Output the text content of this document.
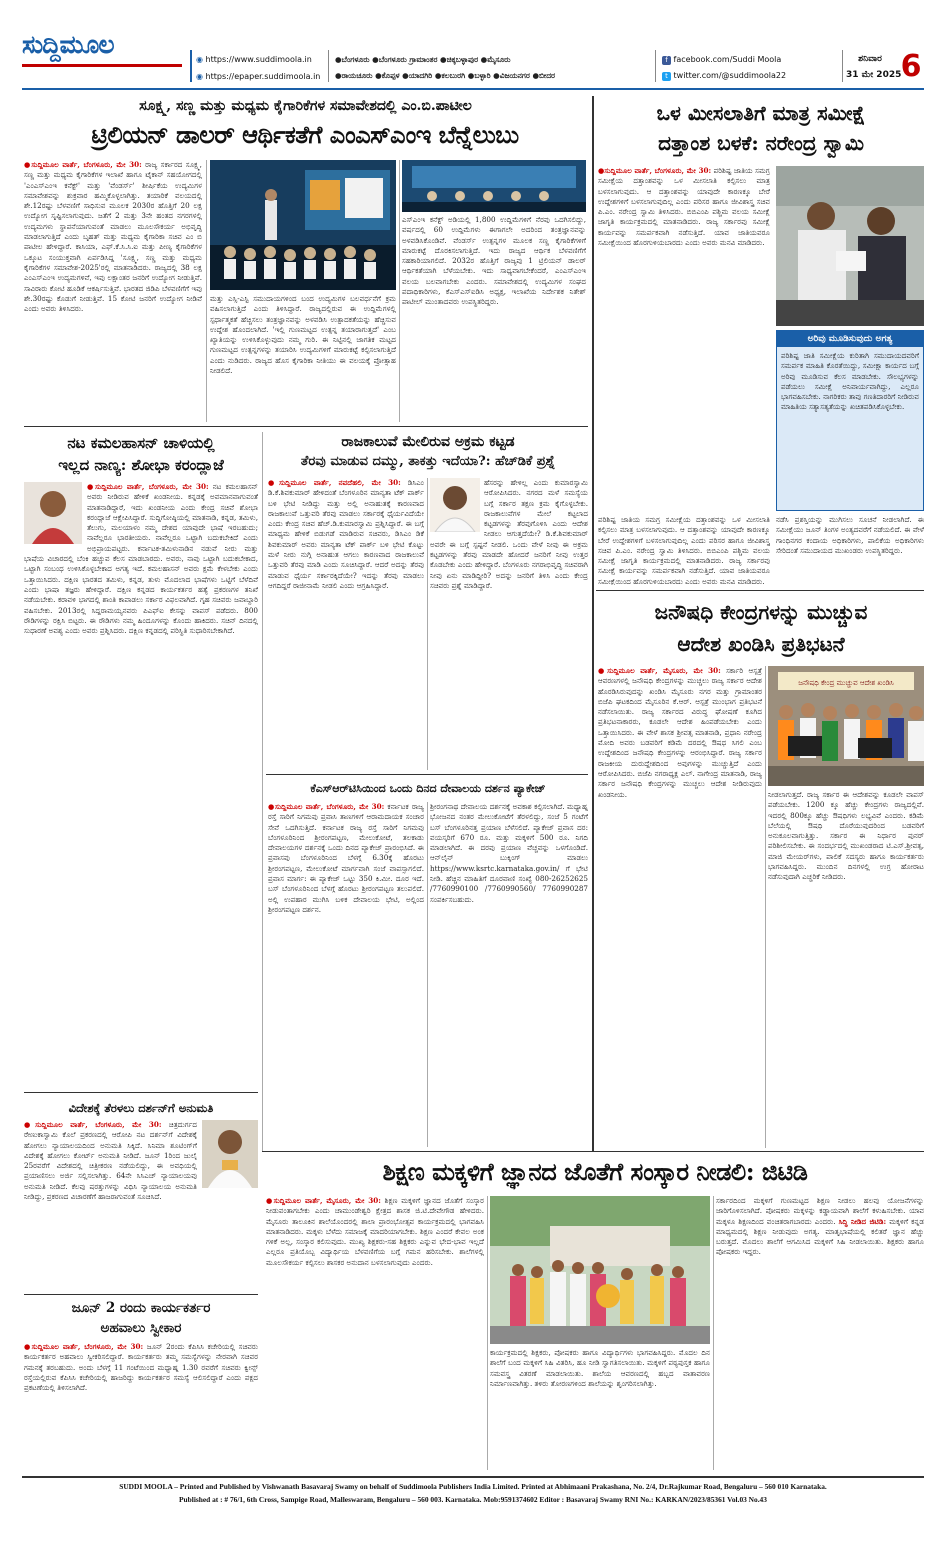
ಸುದ್ದಿಮೂಲ
◉ https://www.suddimoola.in
◉ https://epaper.suddimoola.in
●ಬೆಂಗಳೂರು ●ಬೆಂಗಳೂರು ಗ್ರಾಮಾಂತರ ●ಚಿಕ್ಕಬಳ್ಳಾಪುರ ●ಮೈಸೂರು
●ರಾಯಚೂರು ●ಕೊಪ್ಪಳ ●ಯಾದಗಿರಿ ●ಕಲಬುರಗಿ ●ಬಳ್ಳಾರಿ ●ವಿಜಯನಗರ ●ಬೀದರ
f facebook.com/Suddi Moola
t twitter.com/@suddimoola22
ಶನಿವಾರ
31 ಮೇ 2025 6
ಸೂಕ್ಷ್ಮ, ಸಣ್ಣ ಮತ್ತು ಮಧ್ಯಮ ಕೈಗಾರಿಕೆಗಳ ಸಮಾವೇಶದಲ್ಲಿ ಎಂ.ಬಿ.ಪಾಟೀಲ
ಟ್ರಿಲಿಯನ್ ಡಾಲರ್ ಆರ್ಥಿಕತೆಗೆ ಎಂಎಸ್‌ಎಂಇ ಬೆನ್ನೆಲುಬು
●ಸುದ್ದಿಮೂಲ ವಾರ್ತೆ, ಬೆಂಗಳೂರು, ಮೇ 30: ರಾಜ್ಯ ಸರ್ಕಾರದ ಸೂಕ್ಷ್ಮ, ಸಣ್ಣ ಮತ್ತು ಮಧ್ಯಮ ಕೈಗಾರಿಕೆಗಳ ಇಲಾಖೆ ಹಾಗೂ ಟೈಕಾನ್ ಸಹಯೋಗದಲ್ಲಿ 'ಎಂಎಸ್‌ಎಂಇ ಕನೆಕ್ಟ್' ಮತ್ತು 'ವೆಂಡರ್ಸ್' ಶೀರ್ಷಿಕೆಯ ಉದ್ಯಮಿಗಳ ಸಮಾವೇಶವನ್ನು ಶುಕ್ರವಾರ ಹಮ್ಮಿಕೊಳ್ಳಲಾಗಿತ್ತು. ತಯಾರಿಕೆ ವಲಯದಲ್ಲಿ ಶೇ.12ರಷ್ಟು ಬೆಳವಣಿಗೆ ಸಾಧಿಸುವ ಮೂಲಕ 2030ರ ಹೊತ್ತಿಗೆ 20 ಲಕ್ಷ ಉದ್ಯೋಗ ಸೃಷ್ಟಿಸಲಾಗುವುದು. ಜತೆಗೆ 2 ಮತ್ತು 3ನೇ ಹಂತದ ನಗರಗಳಲ್ಲಿ ಉದ್ಯಮಗಳು ಸ್ಥಾಪನೆಯಾಗುವಂತೆ ಮಾಡಲು ಮೂಲಸೌಕರ್ಯ ಅಭಿವೃದ್ಧಿ ಮಾಡಲಾಗುತ್ತಿದೆ ಎಂದು ಬೃಹತ್ ಮತ್ತು ಮಧ್ಯಮ ಕೈಗಾರಿಕಾ ಸಚಿವ ಎಂ ಬಿ ಪಾಟೀಲ ಹೇಳಿದ್ದಾರೆ. ಕಾಸಿಯಾ, ಎಫ್.ಕೆ.ಸಿ.ಸಿ.ಐ ಮತ್ತು ಪೀಣ್ಯ ಕೈಗಾರಿಕೆಗಳ ಒಕ್ಕೂಟ ಸಂಯುಕ್ತವಾಗಿ ಏರ್ಪಡಿಸಿದ್ದ 'ಸೂಕ್ಷ್ಮ, ಸಣ್ಣ ಮತ್ತು ಮಧ್ಯಮ ಕೈಗಾರಿಕೆಗಳ ಸಮಾವೇಶ-2025'ರಲ್ಲಿ ಮಾತನಾಡಿದರು. ರಾಜ್ಯದಲ್ಲಿ 38 ಲಕ್ಷ ಎಂಎಸ್‌ಎಂಇ ಉದ್ಯಮಗಳಿವೆ, ಇವು ಲಕ್ಷಾಂತರ ಜನರಿಗೆ ಉದ್ಯೋಗ ನೀಡುತ್ತಿವೆ. ಸಾವಿರಾರು ಕೋಟಿ ಹೂಡಿಕೆ ಆಕರ್ಷಿಸುತ್ತಿವೆ. ಭಾರತದ ಜಿಡಿಪಿ ಬೆಳವಣಿಗೆಗೆ ಇವು ಶೇ.30ರಷ್ಟು ಕೊಡುಗೆ ನೀಡುತ್ತಿವೆ. 15 ಕೋಟಿ ಜನರಿಗೆ ಉದ್ಯೋಗ ನೀಡಿವೆ ಎಂದು ಅವರು ತಿಳಿಸಿದರು.
ಮತ್ತು ಎಸ್ಸಿ-ಎಸ್ಟಿ ಸಮುದಾಯಗಳಿಂದ ಬಂದ ಉದ್ಯಮಿಗಳ ಬಲವರ್ಧನೆಗೆ ಕ್ರಮ ವಹಿಸಲಾಗುತ್ತಿದೆ ಎಂದು ತಿಳಿಸಿದ್ದಾರೆ. ರಾಜ್ಯದಲ್ಲಿರುವ ಈ ಉದ್ದಿಮೆಗಳಲ್ಲಿ ಸ್ಪರ್ಧಾತ್ಮಕತೆ ಹೆಚ್ಚಿಸಲು ತಂತ್ರಜ್ಞಾನವನ್ನು ಅಳವಡಿಸಿ ಉತ್ಪಾದಕತೆಯನ್ನು ಹೆಚ್ಚಿಸುವ ಉದ್ದೇಶ ಹೊಂದಲಾಗಿದೆ. 'ಇಲ್ಲಿ ಗುಣಮಟ್ಟದ ಉತ್ಪನ್ನ ತಯಾರಾಗುತ್ತದೆ' ಎಂಬ ಖ್ಯಾತಿಯನ್ನು ಉಳಿಸಿಕೊಳ್ಳುವುದು ನಮ್ಮ ಗುರಿ. ಈ ನಿಟ್ಟಿನಲ್ಲಿ ಜಾಗತಿಕ ಮಟ್ಟದ ಗುಣಮಟ್ಟದ ಉತ್ಪನ್ನಗಳನ್ನು ತಯಾರಿಸಿ ಉದ್ಯಮಿಗಳಿಗೆ ಮಾರುಕಟ್ಟೆ ಕಲ್ಪಿಸಲಾಗುತ್ತಿದೆ ಎಂದು ನುಡಿದರು. ರಾಜ್ಯದ ಹೊಸ ಕೈಗಾರಿಕಾ ನೀತಿಯು ಈ ವಲಯಕ್ಕೆ ಪ್ರೋತ್ಸಾಹ ನೀಡಲಿದೆ.
ಎಸ್‌ಎಂಇ ಕನೆಕ್ಟ್ ಅಡಿಯಲ್ಲಿ 1,800 ಉದ್ದಿಮೆಗಳಿಗೆ ನೆರವು ಒದಗಿಸಲಿದ್ದು, ವರ್ಷದಲ್ಲಿ 60 ಉದ್ದಿಮೆಗಳು ಈಗಾಗಲೇ ಅದರಿಂದ ತಂತ್ರಜ್ಞಾನವನ್ನು ಅಳವಡಿಸಿಕೊಂಡಿವೆ. ವೆಂಡರ್ಸ್ ಉತ್ಪನ್ನಗಳ ಮೂಲಕ ಸಣ್ಣ ಕೈಗಾರಿಕೆಗಳಿಗೆ ಮಾರುಕಟ್ಟೆ ದೊರಕಿಸಲಾಗುತ್ತಿದೆ. ಇದು ರಾಜ್ಯದ ಆರ್ಥಿಕ ಬೆಳವಣಿಗೆಗೆ ಸಹಕಾರಿಯಾಗಲಿದೆ. 2032ರ ಹೊತ್ತಿಗೆ ರಾಜ್ಯವು 1 ಟ್ರಿಲಿಯನ್ ಡಾಲರ್ ಆರ್ಥಿಕತೆಯಾಗಿ ಬೆಳೆಯಬೇಕು. ಇದು ಸಾಧ್ಯವಾಗಬೇಕೆಂದರೆ, ಎಂಎಸ್‌ಎಂಇ ವಲಯ ಬಲವಾಗಬೇಕು ಎಂದರು. ಸಮಾವೇಶದಲ್ಲಿ ಉದ್ಯಮಿಗಳ ಸಂಘದ ಪದಾಧಿಕಾರಿಗಳು, ಕೆಎಸ್ಎಸ್‌ಐಡಿಸಿ ಅಧ್ಯಕ್ಷ, ಇಲಾಖೆಯ ನಿರ್ದೇಶಕ ನಿತೇಶ್ ಪಾಟೀಲ್ ಮುಂತಾದವರು ಉಪಸ್ಥಿತರಿದ್ದರು.
ಒಳ ಮೀಸಲಾತಿಗೆ ಮಾತ್ರ ಸಮೀಕ್ಷೆ
ದತ್ತಾಂಶ ಬಳಕೆ: ನರೇಂದ್ರ ಸ್ವಾಮಿ
●ಸುದ್ದಿಮೂಲ ವಾರ್ತೆ, ಬೆಂಗಳೂರು, ಮೇ 30: ಪರಿಶಿಷ್ಟ ಜಾತಿಯ ಸಮಗ್ರ ಸಮೀಕ್ಷೆಯ ದತ್ತಾಂಶವನ್ನು ಒಳ ಮೀಸಲಾತಿ ಕಲ್ಪಿಸಲು ಮಾತ್ರ ಬಳಸಲಾಗುವುದು. ಆ ದತ್ತಾಂಶವನ್ನು ಯಾವುದೇ ಕಾರಣಕ್ಕೂ ಬೇರೆ ಉದ್ದೇಶಗಳಿಗೆ ಬಳಸಲಾಗುವುದಿಲ್ಲ ಎಂದು ಪರಿಸರ ಹಾಗೂ ಜೀವಿಶಾಸ್ತ್ರ ಸಚಿವ ಪಿ.ಎಂ. ನರೇಂದ್ರ ಸ್ವಾಮಿ ತಿಳಿಸಿದರು. ಬಿಬಿಎಂಪಿ ಪಶ್ಚಿಮ ವಲಯ ಸಮೀಕ್ಷೆ ಜಾಗೃತಿ ಕಾರ್ಯಕ್ರಮದಲ್ಲಿ ಮಾತನಾಡಿದರು. ರಾಜ್ಯ ಸರ್ಕಾರವು ಸಮೀಕ್ಷೆ ಕಾರ್ಯವನ್ನು ಸಮರ್ಪಕವಾಗಿ ನಡೆಸುತ್ತಿದೆ. ಯಾವ ಜಾತಿಯವರೂ ಸಮೀಕ್ಷೆಯಿಂದ ಹೊರಗುಳಿಯಬಾರದು ಎಂದು ಅವರು ಮನವಿ ಮಾಡಿದರು.
ಅರಿವು ಮೂಡಿಸುವುದು ಅಗತ್ಯ
ಪರಿಶಿಷ್ಟ ಜಾತಿ ಸಮೀಕ್ಷೆಯ ಕುರಿತಾಗಿ ಸಮುದಾಯದವರಿಗೆ ಸಮರ್ಪಕ ಮಾಹಿತಿ ಕೊರತೆಯಿದ್ದು, ಸಮೀಕ್ಷಾ ಕಾರ್ಯದ ಬಗ್ಗೆ ಅರಿವು ಮೂಡಿಸುವ ಕೆಲಸ ಮಾಡಬೇಕು. ಸೌಲಭ್ಯಗಳನ್ನು ಪಡೆಯಲು ಸಮೀಕ್ಷೆ ಅನಿವಾರ್ಯವಾಗಿದ್ದು, ಎಲ್ಲರೂ ಭಾಗವಹಿಸಬೇಕು. ನಾಗರಿಕರು ತಾವು ಗಣತಿದಾರರಿಗೆ ನೀಡಿರುವ ಮಾಹಿತಿಯ ಸತ್ಯಾಸತ್ಯತೆಯನ್ನು ಖಚಿತಪಡಿಸಿಕೊಳ್ಳಬೇಕು.
ನಡೆಸಿ ಪ್ರಶಸ್ತಿಯನ್ನು ಮುಗಿಸಲು ಸೂಚನೆ ನೀಡಲಾಗಿದೆ. ಈ ಸಮೀಕ್ಷೆಯು ಜೂನ್ ತಿಂಗಳ ಅಂತ್ಯದವರೆಗೆ ನಡೆಯಲಿದೆ. ಈ ವೇಳೆ ಗಾಂಧಿನಗರ ಕಂದಾಯ ಅಧಿಕಾರಿಗಳು, ಪಾಲಿಕೆಯ ಅಧಿಕಾರಿಗಳು ಸೇರಿದಂತೆ ಸಮುದಾಯದ ಮುಖಂಡರು ಉಪಸ್ಥಿತರಿದ್ದರು.
ಪರಿಶಿಷ್ಟ ಜಾತಿಯ ಸಮಗ್ರ ಸಮೀಕ್ಷೆಯ ದತ್ತಾಂಶವನ್ನು ಒಳ ಮೀಸಲಾತಿ ಕಲ್ಪಿಸಲು ಮಾತ್ರ ಬಳಸಲಾಗುವುದು. ಆ ದತ್ತಾಂಶವನ್ನು ಯಾವುದೇ ಕಾರಣಕ್ಕೂ ಬೇರೆ ಉದ್ದೇಶಗಳಿಗೆ ಬಳಸಲಾಗುವುದಿಲ್ಲ ಎಂದು ಪರಿಸರ ಹಾಗೂ ಜೀವಿಶಾಸ್ತ್ರ ಸಚಿವ ಪಿ.ಎಂ. ನರೇಂದ್ರ ಸ್ವಾಮಿ ತಿಳಿಸಿದರು. ಬಿಬಿಎಂಪಿ ಪಶ್ಚಿಮ ವಲಯ ಸಮೀಕ್ಷೆ ಜಾಗೃತಿ ಕಾರ್ಯಕ್ರಮದಲ್ಲಿ ಮಾತನಾಡಿದರು. ರಾಜ್ಯ ಸರ್ಕಾರವು ಸಮೀಕ್ಷೆ ಕಾರ್ಯವನ್ನು ಸಮರ್ಪಕವಾಗಿ ನಡೆಸುತ್ತಿದೆ. ಯಾವ ಜಾತಿಯವರೂ ಸಮೀಕ್ಷೆಯಿಂದ ಹೊರಗುಳಿಯಬಾರದು ಎಂದು ಅವರು ಮನವಿ ಮಾಡಿದರು.
ನಟ ಕಮಲಹಾಸನ್ ಚಾಳಿಯಲ್ಲಿ
ಇಲ್ಲದ ನಾಣ್ಯ: ಶೋಭಾ ಕರಂದ್ಲಾಜೆ
●ಸುದ್ದಿಮೂಲ ವಾರ್ತೆ, ಬೆಂಗಳೂರು, ಮೇ 30: ನಟ ಕಮಲಹಾಸನ್ ಅವರು ನೀಡಿರುವ ಹೇಳಿಕೆ ಖಂಡನೀಯ. ಕನ್ನಡಕ್ಕೆ ಅವಮಾನವಾಗುವಂತೆ ಮಾತನಾಡಿದ್ದಾರೆ, ಇದು ಖಂಡನೀಯ ಎಂದು ಕೇಂದ್ರ ಸಚಿವೆ ಶೋಭಾ ಕರಂದ್ಲಾಜೆ ಆಕ್ಷೇಪಿಸಿದ್ದಾರೆ. ಸುದ್ದಿಗೋಷ್ಠಿಯಲ್ಲಿ ಮಾತನಾಡಿ, ಕನ್ನಡ, ತಮಿಳು, ತೆಲುಗು, ಮಲಯಾಳಂ ನಮ್ಮ ದೇಶದ ಯಾವುದೇ ಭಾಷೆ ಇರಬಹುದು; ನಾವೆಲ್ಲರೂ ಭಾರತೀಯರು. ನಾವೆಲ್ಲರೂ ಒಟ್ಟಾಗಿ ಬದುಕಬೇಕಿದೆ ಎಂದು ಅಭಿಪ್ರಾಯಪಟ್ಟರು. ಕರ್ನಾಟಕ-ತಮಿಳುನಾಡಿನ ನಡುವೆ ನೀರು ಮತ್ತು ಭಾಷೆಯ ವಿಚಾರದಲ್ಲಿ ಬೆಂಕಿ ಹಚ್ಚುವ ಕೆಲಸ ಮಾಡಬಾರದು. ಅವರು, ನಾವು ಒಟ್ಟಾಗಿ ಬದುಕಬೇಕಾದ, ಒಟ್ಟಾಗಿ ಸಂಬಂಧ ಉಳಿಸಿಕೊಳ್ಳಬೇಕಾದ ಅಗತ್ಯ ಇದೆ. ಕಮಲಹಾಸನ್ ಅವರು ಕ್ಷಮೆ ಕೇಳಬೇಕು ಎಂದು ಒತ್ತಾಯಿಸಿದರು. ದಕ್ಷಿಣ ಭಾರತದ ತಮಿಳು, ಕನ್ನಡ, ತುಳು ಮೊದಲಾದ ಭಾಷೆಗಳು ಒಟ್ಟಿಗೆ ಬೆಳೆದಿವೆ ಎಂದು ಭಾಷಾ ತಜ್ಞರು ಹೇಳಿದ್ದಾರೆ. ದಕ್ಷಿಣ ಕನ್ನಡದ ಕಾರ್ಯಕರ್ತರ ಹತ್ಯೆ ಪ್ರಕರಣಗಳ ತನಿಖೆ ನಡೆಯಬೇಕು. ಕರಾವಳಿ ಭಾಗದಲ್ಲಿ ಶಾಂತಿ ಕಾಪಾಡಲು ಸರ್ಕಾರ ವಿಫಲವಾಗಿದೆ. ಗೃಹ ಸಚಿವರು ಜವಾಬ್ದಾರಿ ವಹಿಸಬೇಕು. 2013ರಲ್ಲಿ ಸಿದ್ದರಾಮಯ್ಯನವರು ಪಿಎಫ್‌ಐ ಕೇಸನ್ನು ವಾಪಸ್ ಪಡೆದರು. 800 ರೌಡಿಗಳನ್ನು ರಕ್ಷಿಸಿ ಬಿಟ್ಟರು. ಈ ರೌಡಿಗಳು ನಮ್ಮ ಹಿಂದೂಗಳನ್ನು ಕೊಂದು ಹಾಕಿದರು. ಸಚಿನ್ ದಿನದಲ್ಲಿ ಸುಧಾರಣೆ ಅವಶ್ಯ ಎಂದು ಅವರು ಪ್ರಶ್ನಿಸಿದರು. ದಕ್ಷಿಣ ಕನ್ನಡದಲ್ಲಿ ಪರಿಸ್ಥಿತಿ ಸುಧಾರಿಸಬೇಕಾಗಿದೆ.
ರಾಜಕಾಲುವೆ ಮೇಲಿರುವ ಅಕ್ರಮ ಕಟ್ಟಡ
ತೆರವು ಮಾಡುವ ದಮ್ಮು, ತಾಕತ್ತು ಇದೆಯಾ?: ಹೆಚ್‌ಡಿಕೆ ಪ್ರಶ್ನೆ
●ಸುದ್ದಿಮೂಲ ವಾರ್ತೆ, ನವದೆಹಲಿ, ಮೇ 30: ಡಿಸಿಎಂ ಡಿ.ಕೆ.ಶಿವಕುಮಾರ್ ಹೇಳಿದಂತೆ ಬೆಂಗಳೂರಿನ ಮಾನ್ಯತಾ ಟೆಕ್ ಪಾರ್ಕ್ ಬಳಿ ಭೇಟಿ ನೀಡಿದ್ದು ಮತ್ತು ಅಲ್ಲಿ ಅನಾಹುತಕ್ಕೆ ಕಾರಣವಾದ ರಾಜಕಾಲುವೆ ಒತ್ತುವರಿ ತೆರವು ಮಾಡಲು ಸರ್ಕಾರಕ್ಕೆ ಧೈರ್ಯವಿದೆಯೇ ಎಂದು ಕೇಂದ್ರ ಸಚಿವ ಹೆಚ್.ಡಿ.ಕುಮಾರಸ್ವಾಮಿ ಪ್ರಶ್ನಿಸಿದ್ದಾರೆ. ಈ ಬಗ್ಗೆ ಮಾಧ್ಯಮ ಹೇಳಿಕೆ ಬಿಡುಗಡೆ ಮಾಡಿರುವ ಸಚಿವರು, ಡಿಸಿಎಂ ಡಿಕೆ ಶಿವಕುಮಾರ್ ಅವರು ಮಾನ್ಯತಾ ಟೆಕ್ ಪಾರ್ಕ್ ಬಳಿ ಭೇಟಿ ಕೊಟ್ಟು ಮಳೆ ನೀರು ನುಗ್ಗಿ ಅನಾಹುತ ಆಗಲು ಕಾರಣವಾದ ರಾಜಕಾಲುವೆ ಒತ್ತುವರಿ ತೆರವು ಮಾಡಿ ಎಂದು ಸೂಚಿಸಿದ್ದಾರೆ. ಆದರೆ ಅದನ್ನು ತೆರವು ಮಾಡುವ ಧೈರ್ಯ ಸರ್ಕಾರಕ್ಕಿದೆಯೇ? ಇದನ್ನು ತೆರವು ಮಾಡಲು ಆಗದಿದ್ದರೆ ರಾಜೀನಾಮೆ ನೀಡಲಿ ಎಂದು ಆಗ್ರಹಿಸಿದ್ದಾರೆ.
ಹೆಸರನ್ನು ಹೇಳಿಲ್ಲ ಎಂದು ಕುಮಾರಸ್ವಾಮಿ ಆರೋಪಿಸಿದರು. ನಗರದ ಮಳೆ ಸಮಸ್ಯೆಯ ಬಗ್ಗೆ ಸರ್ಕಾರ ತಕ್ಷಣ ಕ್ರಮ ಕೈಗೊಳ್ಳಬೇಕು. ರಾಜಕಾಲುವೆಗಳ ಮೇಲೆ ಕಟ್ಟಲಾದ ಕಟ್ಟಡಗಳನ್ನು ತೆರವುಗೊಳಿಸಿ ಎಂದು ಆದೇಶ ನೀಡಲು ಆಗುತ್ತದೆಯೇ? ಡಿ.ಕೆ.ಶಿವಕುಮಾರ್ ಅವರೇ ಈ ಬಗ್ಗೆ ಸ್ಪಷ್ಟನೆ ನೀಡಲಿ. ಒಂದು ವೇಳೆ ನೀವು ಈ ಅಕ್ರಮ ಕಟ್ಟಡಗಳನ್ನು ತೆರವು ಮಾಡದೇ ಹೋದರೆ ಜನರಿಗೆ ನೀವು ಉತ್ತರ ಕೊಡಬೇಕು ಎಂದು ಹೇಳಿದ್ದಾರೆ. ಬೆಂಗಳೂರು ನಗರಾಭಿವೃದ್ಧಿ ಸಚಿವರಾಗಿ ನೀವು ಏನು ಮಾಡಿದ್ದೀರಿ? ಅದನ್ನು ಜನರಿಗೆ ತಿಳಿಸಿ ಎಂದು ಕೇಂದ್ರ ಸಚಿವರು ಪ್ರಶ್ನೆ ಮಾಡಿದ್ದಾರೆ.
ಕೆಎಸ್ಆರ್‌ಟಿಸಿಯಿಂದ ಒಂದು ದಿನದ ದೇವಾಲಯ ದರ್ಶನ ಪ್ಯಾಕೇಜ್
●ಸುದ್ದಿಮೂಲ ವಾರ್ತೆ, ಬೆಂಗಳೂರು, ಮೇ 30: ಕರ್ನಾಟಕ ರಾಜ್ಯ ರಸ್ತೆ ಸಾರಿಗೆ ನಿಗಮವು ಪ್ರವಾಸಿ ತಾಣಗಳಿಗೆ ಆರಾಮದಾಯಕ ಸಂಚಾರ ಸೇವೆ ಒದಗಿಸುತ್ತಿದೆ. ಕರ್ನಾಟಕ ರಾಜ್ಯ ರಸ್ತೆ ಸಾರಿಗೆ ನಿಗಮವು ಬೆಂಗಳೂರಿನಿಂದ ಶ್ರೀರಂಗಪಟ್ಟಣ, ಮೇಲುಕೋಟೆ, ತಲಕಾಡು ದೇವಾಲಯಗಳ ದರ್ಶನಕ್ಕೆ ಒಂದು ದಿನದ ಪ್ಯಾಕೇಜ್ ಪ್ರಾರಂಭಿಸಿದೆ. ಈ ಪ್ರವಾಸವು ಬೆಂಗಳೂರಿನಿಂದ ಬೆಳಗ್ಗೆ 6.30ಕ್ಕೆ ಹೊರಟು ಶ್ರೀರಂಗಪಟ್ಟಣ, ಮೇಲುಕೋಟೆ ಮಾರ್ಗವಾಗಿ ಸಂಜೆ ವಾಪಸ್ಸಾಗಲಿದೆ. ಪ್ರವಾಸ ಮಾರ್ಗ: ಈ ಪ್ಯಾಕೇಜ್ ಒಟ್ಟು 350 ಕಿ.ಮೀ. ದೂರ ಇದೆ. ಬಸ್ ಬೆಂಗಳೂರಿನಿಂದ ಬೆಳಗ್ಗೆ ಹೊರಟು ಶ್ರೀರಂಗಪಟ್ಟಣ ತಲುಪಲಿದೆ. ಅಲ್ಲಿ ಉಪಹಾರ ಮುಗಿಸಿ ಬಳಿಕ ದೇವಾಲಯ ಭೇಟಿ, ಅಲ್ಲಿಂದ ಶ್ರೀರಂಗಪಟ್ಟಣ ದರ್ಶನ.
ಶ್ರೀರಂಗನಾಥ ದೇವಾಲಯ ದರ್ಶನಕ್ಕೆ ಅವಕಾಶ ಕಲ್ಪಿಸಲಾಗಿದೆ. ಮಧ್ಯಾಹ್ನ ಭೋಜನದ ನಂತರ ಮೇಲುಕೋಟೆಗೆ ತೆರಳಲಿದ್ದು, ಸಂಜೆ 5 ಗಂಟೆಗೆ ಬಸ್ ಬೆಂಗಳೂರಿನತ್ತ ಪ್ರಯಾಣ ಬೆಳೆಸಲಿದೆ. ಪ್ಯಾಕೇಜ್ ಪ್ರವಾಸ ದರ: ವಯಸ್ಕರಿಗೆ 670 ರೂ. ಮತ್ತು ಮಕ್ಕಳಿಗೆ 500 ರೂ. ನಿಗದಿ ಮಾಡಲಾಗಿದೆ. ಈ ದರವು ಪ್ರಯಾಣ ವೆಚ್ಚವನ್ನು ಒಳಗೊಂಡಿದೆ. ಆನ್‌ಲೈನ್ ಬುಕ್ಕಿಂಗ್ ಮಾಡಲು https://www.ksrtc.karnataka.gov.in/ ಗೆ ಭೇಟಿ ನೀಡಿ. ಹೆಚ್ಚಿನ ಮಾಹಿತಿಗೆ ದೂರವಾಣಿ ಸಂಖ್ಯೆ 080-26252625 /7760990100 /7760990560/ 7760990287 ಸಂಪರ್ಕಿಸಬಹುದು.
ವಿದೇಶಕ್ಕೆ ತೆರಳಲು ದರ್ಶನ್‌ಗೆ ಅನುಮತಿ
●ಸುದ್ದಿಮೂಲ ವಾರ್ತೆ, ಬೆಂಗಳೂರು, ಮೇ 30: ಚಿತ್ರದುರ್ಗದ ರೇಣುಕಾಸ್ವಾಮಿ ಕೊಲೆ ಪ್ರಕರಣದಲ್ಲಿ ಆರೋಪಿ ನಟ ದರ್ಶನ್‌ಗೆ ವಿದೇಶಕ್ಕೆ ಹೋಗಲು ನ್ಯಾಯಾಲಯದಿಂದ ಅನುಮತಿ ಸಿಕ್ಕಿದೆ. ಸಿನಿಮಾ ಶೂಟಿಂಗ್‌ಗೆ ವಿದೇಶಕ್ಕೆ ಹೋಗಲು ಕೋರ್ಟ್ ಅನುಮತಿ ನೀಡಿದೆ. ಜೂನ್ 1ರಿಂದ ಜುಲೈ 25ರವರೆಗೆ ವಿದೇಶದಲ್ಲಿ ಚಿತ್ರೀಕರಣ ನಡೆಯಲಿದ್ದು, ಈ ಅವಧಿಯಲ್ಲಿ ಪ್ರಯಾಣಿಸಲು ಅರ್ಜಿ ಸಲ್ಲಿಸಲಾಗಿತ್ತು. 64ನೇ ಸಿಸಿಎಚ್ ನ್ಯಾಯಾಲಯವು ಅನುಮತಿ ನೀಡಿದೆ. ಕೆಲವು ಷರತ್ತುಗಳನ್ನು ವಿಧಿಸಿ ನ್ಯಾಯಾಲಯ ಅನುಮತಿ ನೀಡಿದ್ದು, ಪ್ರಕರಣದ ವಿಚಾರಣೆಗೆ ಹಾಜರಾಗುವಂತೆ ಸೂಚಿಸಿದೆ.
ಜೂನ್ 2 ರಂದು ಕಾರ್ಯಕರ್ತರ
ಅಹವಾಲು ಸ್ವೀಕಾರ
●ಸುದ್ದಿಮೂಲ ವಾರ್ತೆ, ಬೆಂಗಳೂರು, ಮೇ 30: ಜೂನ್ 2ರಂದು ಕೆಪಿಸಿಸಿ ಕಚೇರಿಯಲ್ಲಿ ಸಚಿವರು ಕಾರ್ಯಕರ್ತರ ಅಹವಾಲು ಸ್ವೀಕರಿಸಲಿದ್ದಾರೆ. ಕಾರ್ಯಕರ್ತರು ತಮ್ಮ ಸಮಸ್ಯೆಗಳನ್ನು ನೇರವಾಗಿ ಸಚಿವರ ಗಮನಕ್ಕೆ ತರಬಹುದು. ಅಂದು ಬೆಳಗ್ಗೆ 11 ಗಂಟೆಯಿಂದ ಮಧ್ಯಾಹ್ನ 1.30 ರವರೆಗೆ ಸಚಿವರು ಕ್ವೀನ್ಸ್ ರಸ್ತೆಯಲ್ಲಿರುವ ಕೆಪಿಸಿಸಿ ಕಚೇರಿಯಲ್ಲಿ ಹಾಜರಿದ್ದು ಕಾರ್ಯಕರ್ತರ ಸಮಸ್ಯೆ ಆಲಿಸಲಿದ್ದಾರೆ ಎಂದು ಪಕ್ಷದ ಪ್ರಕಟಣೆಯಲ್ಲಿ ತಿಳಿಸಲಾಗಿದೆ.
ಜನೌಷಧಿ ಕೇಂದ್ರಗಳನ್ನು ಮುಚ್ಚುವ
ಆದೇಶ ಖಂಡಿಸಿ ಪ್ರತಿಭಟನೆ
●ಸುದ್ದಿಮೂಲ ವಾರ್ತೆ, ಮೈಸೂರು, ಮೇ 30: ಸರ್ಕಾರಿ ಆಸ್ಪತ್ರೆ ಆವರಣಗಳಲ್ಲಿ ಜನೌಷಧಿ ಕೇಂದ್ರಗಳನ್ನು ಮುಚ್ಚಲು ರಾಜ್ಯ ಸರ್ಕಾರ ಆದೇಶ ಹೊರಡಿಸಿರುವುದನ್ನು ಖಂಡಿಸಿ ಮೈಸೂರು ನಗರ ಮತ್ತು ಗ್ರಾಮಾಂತರ ಬಿಜೆಪಿ ಘಟಕದಿಂದ ಮೈಸೂರಿನ ಕೆ.ಆರ್. ಆಸ್ಪತ್ರೆ ಮುಂಭಾಗ ಪ್ರತಿಭಟನೆ ನಡೆಸಲಾಯಿತು. ರಾಜ್ಯ ಸರ್ಕಾರದ ವಿರುದ್ಧ ಘೋಷಣೆ ಕೂಗಿದ ಪ್ರತಿಭಟನಾಕಾರರು, ಕೂಡಲೇ ಆದೇಶ ಹಿಂಪಡೆಯಬೇಕು ಎಂದು ಒತ್ತಾಯಿಸಿದರು. ಈ ವೇಳೆ ಶಾಸಕ ಶ್ರೀವತ್ಸ ಮಾತನಾಡಿ, ಪ್ರಧಾನಿ ನರೇಂದ್ರ ಮೋದಿ ಅವರು ಬಡವರಿಗೆ ಕಡಿಮೆ ದರದಲ್ಲಿ ಔಷಧ ಸಿಗಲಿ ಎಂಬ ಉದ್ದೇಶದಿಂದ ಜನೌಷಧಿ ಕೇಂದ್ರಗಳನ್ನು ಆರಂಭಿಸಿದ್ದಾರೆ. ರಾಜ್ಯ ಸರ್ಕಾರ ರಾಜಕೀಯ ದುರುದ್ದೇಶದಿಂದ ಅವುಗಳನ್ನು ಮುಚ್ಚುತ್ತಿದೆ ಎಂದು ಆರೋಪಿಸಿದರು. ಬಿಜೆಪಿ ನಗರಾಧ್ಯಕ್ಷ ಎಲ್. ನಾಗೇಂದ್ರ ಮಾತನಾಡಿ, ರಾಜ್ಯ ಸರ್ಕಾರ ಜನೌಷಧಿ ಕೇಂದ್ರಗಳನ್ನು ಮುಚ್ಚಲು ಆದೇಶ ನೀಡಿರುವುದು ಖಂಡನೀಯ.
ಜನೌಷಧಿ ಕೇಂದ್ರ ಮುಚ್ಚುವ ಆದೇಶ ಖಂಡಿಸಿ
ನೀಡಲಾಗುತ್ತದೆ. ರಾಜ್ಯ ಸರ್ಕಾರ ಈ ಆದೇಶವನ್ನು ಕೂಡಲೇ ವಾಪಸ್ ಪಡೆಯಬೇಕು. 1200 ಕ್ಕೂ ಹೆಚ್ಚು ಕೇಂದ್ರಗಳು ರಾಜ್ಯದಲ್ಲಿವೆ. ಇದರಲ್ಲಿ 800ಕ್ಕೂ ಹೆಚ್ಚು ಔಷಧಿಗಳು ಲಭ್ಯವಿವೆ ಎಂದರು. ಕಡಿಮೆ ಬೆಲೆಯಲ್ಲಿ ಔಷಧಿ ದೊರೆಯುವುದರಿಂದ ಬಡವರಿಗೆ ಅನುಕೂಲವಾಗುತ್ತಿತ್ತು. ಸರ್ಕಾರ ಈ ನಿರ್ಧಾರ ಪುನರ್ ಪರಿಶೀಲಿಸಬೇಕು. ಈ ಸಂದರ್ಭದಲ್ಲಿ ಮುಖಂಡರಾದ ಟಿ.ಎಸ್.ಶ್ರೀವತ್ಸ, ಮಾಜಿ ಮೇಯರ್‌ಗಳು, ಪಾಲಿಕೆ ಸದಸ್ಯರು ಹಾಗೂ ಕಾರ್ಯಕರ್ತರು ಭಾಗವಹಿಸಿದ್ದರು. ಮುಂದಿನ ದಿನಗಳಲ್ಲಿ ಉಗ್ರ ಹೋರಾಟ ನಡೆಸುವುದಾಗಿ ಎಚ್ಚರಿಕೆ ನೀಡಿದರು.
ಶಿಕ್ಷಣ ಮಕ್ಕಳಿಗೆ ಜ್ಞಾನದ ಜೊತೆಗೆ ಸಂಸ್ಕಾರ ನೀಡಲಿ: ಜಿಟಿಡಿ
●ಸುದ್ದಿಮೂಲ ವಾರ್ತೆ, ಮೈಸೂರು, ಮೇ 30: ಶಿಕ್ಷಣ ಮಕ್ಕಳಿಗೆ ಜ್ಞಾನದ ಜೊತೆಗೆ ಸಂಸ್ಕಾರ ನೀಡುವಂತಾಗಬೇಕು ಎಂದು ಚಾಮುಂಡೇಶ್ವರಿ ಕ್ಷೇತ್ರದ ಶಾಸಕ ಜಿ.ಟಿ.ದೇವೇಗೌಡ ಹೇಳಿದರು. ಮೈಸೂರು ತಾಲೂಕಿನ ಶಾಲೆಯೊಂದರಲ್ಲಿ ಶಾಲಾ ಪ್ರಾರಂಭೋತ್ಸವ ಕಾರ್ಯಕ್ರಮದಲ್ಲಿ ಭಾಗವಹಿಸಿ ಮಾತನಾಡಿದರು. ಮಕ್ಕಳು ಬೆಳೆದು ಸಮಾಜಕ್ಕೆ ಮಾದರಿಯಾಗಬೇಕು. ಶಿಕ್ಷಣ ಎಂದರೆ ಕೇವಲ ಅಂಕ ಗಳಿಕೆ ಅಲ್ಲ, ಸಂಸ್ಕಾರ ಕಲಿಸುವುದು. ಮುಖ್ಯ ಶಿಕ್ಷಕರು-ಸಹ ಶಿಕ್ಷಕರು ಎನ್ನುವ ಭೇದ-ಭಾವ ಇಲ್ಲದೆ ಎಲ್ಲರೂ ಪ್ರತಿಯೊಬ್ಬ ವಿದ್ಯಾರ್ಥಿಯ ಬೆಳವಣಿಗೆಯ ಬಗ್ಗೆ ಗಮನ ಹರಿಸಬೇಕು. ಶಾಲೆಗಳಲ್ಲಿ ಮೂಲಸೌಕರ್ಯ ಕಲ್ಪಿಸಲು ಶಾಸಕರ ಅನುದಾನ ಬಳಸಲಾಗುವುದು ಎಂದರು.
ಕಾರ್ಯಕ್ರಮದಲ್ಲಿ ಶಿಕ್ಷಕರು, ಪೋಷಕರು ಹಾಗೂ ವಿದ್ಯಾರ್ಥಿಗಳು ಭಾಗವಹಿಸಿದ್ದರು. ಮೊದಲ ದಿನ ಶಾಲೆಗೆ ಬಂದ ಮಕ್ಕಳಿಗೆ ಸಿಹಿ ವಿತರಿಸಿ, ಹೂ ನೀಡಿ ಸ್ವಾಗತಿಸಲಾಯಿತು. ಮಕ್ಕಳಿಗೆ ಪಠ್ಯಪುಸ್ತಕ ಹಾಗೂ ಸಮವಸ್ತ್ರ ವಿತರಣೆ ಮಾಡಲಾಯಿತು. ಶಾಲೆಯ ಆವರಣದಲ್ಲಿ ಹಬ್ಬದ ವಾತಾವರಣ ನಿರ್ಮಾಣವಾಗಿತ್ತು. ತಳಿರು ತೋರಣಗಳಿಂದ ಶಾಲೆಯನ್ನು ಶೃಂಗರಿಸಲಾಗಿತ್ತು.
ಸರ್ಕಾರದಿಂದ ಮಕ್ಕಳಿಗೆ ಗುಣಮಟ್ಟದ ಶಿಕ್ಷಣ ನೀಡಲು ಹಲವು ಯೋಜನೆಗಳನ್ನು ಜಾರಿಗೊಳಿಸಲಾಗಿದೆ. ಪೋಷಕರು ಮಕ್ಕಳನ್ನು ಕಡ್ಡಾಯವಾಗಿ ಶಾಲೆಗೆ ಕಳುಹಿಸಬೇಕು. ಯಾವ ಮಕ್ಕಳೂ ಶಿಕ್ಷಣದಿಂದ ವಂಚಿತರಾಗಬಾರದು ಎಂದರು. ಸಿದ್ಧಿ ನೀಡಿದ ಜಿಟಿಡಿ: ಮಕ್ಕಳಿಗೆ ಕನ್ನಡ ಮಾಧ್ಯಮದಲ್ಲಿ ಶಿಕ್ಷಣ ನೀಡುವುದು ಅಗತ್ಯ. ಮಾತೃಭಾಷೆಯಲ್ಲಿ ಕಲಿತರೆ ಜ್ಞಾನ ಹೆಚ್ಚು ಬರುತ್ತದೆ. ಮೊದಲು ಶಾಲೆಗೆ ಆಗಮಿಸಿದ ಮಕ್ಕಳಿಗೆ ಸಿಹಿ ನೀಡಲಾಯಿತು. ಶಿಕ್ಷಕರು ಹಾಗೂ ಪೋಷಕರು ಇದ್ದರು.
SUDDI MOOLA – Printed and Published by Vishwanath Basavaraj Swamy on behalf of Suddimoola Publishers India Limited. Printed at Abhimaani Prakashana, No. 2/4, Dr.Rajkumar Road, Bengaluru – 560 010 Karnataka.
Published at : # 76/1, 6th Cross, Sampige Road, Malleswaram, Bengaluru – 560 003. Karnataka. Mob:9591374602 Editor : Basavaraj Swamy RNI No.: KARKAN/2023/85361 Vol.03 No.43
